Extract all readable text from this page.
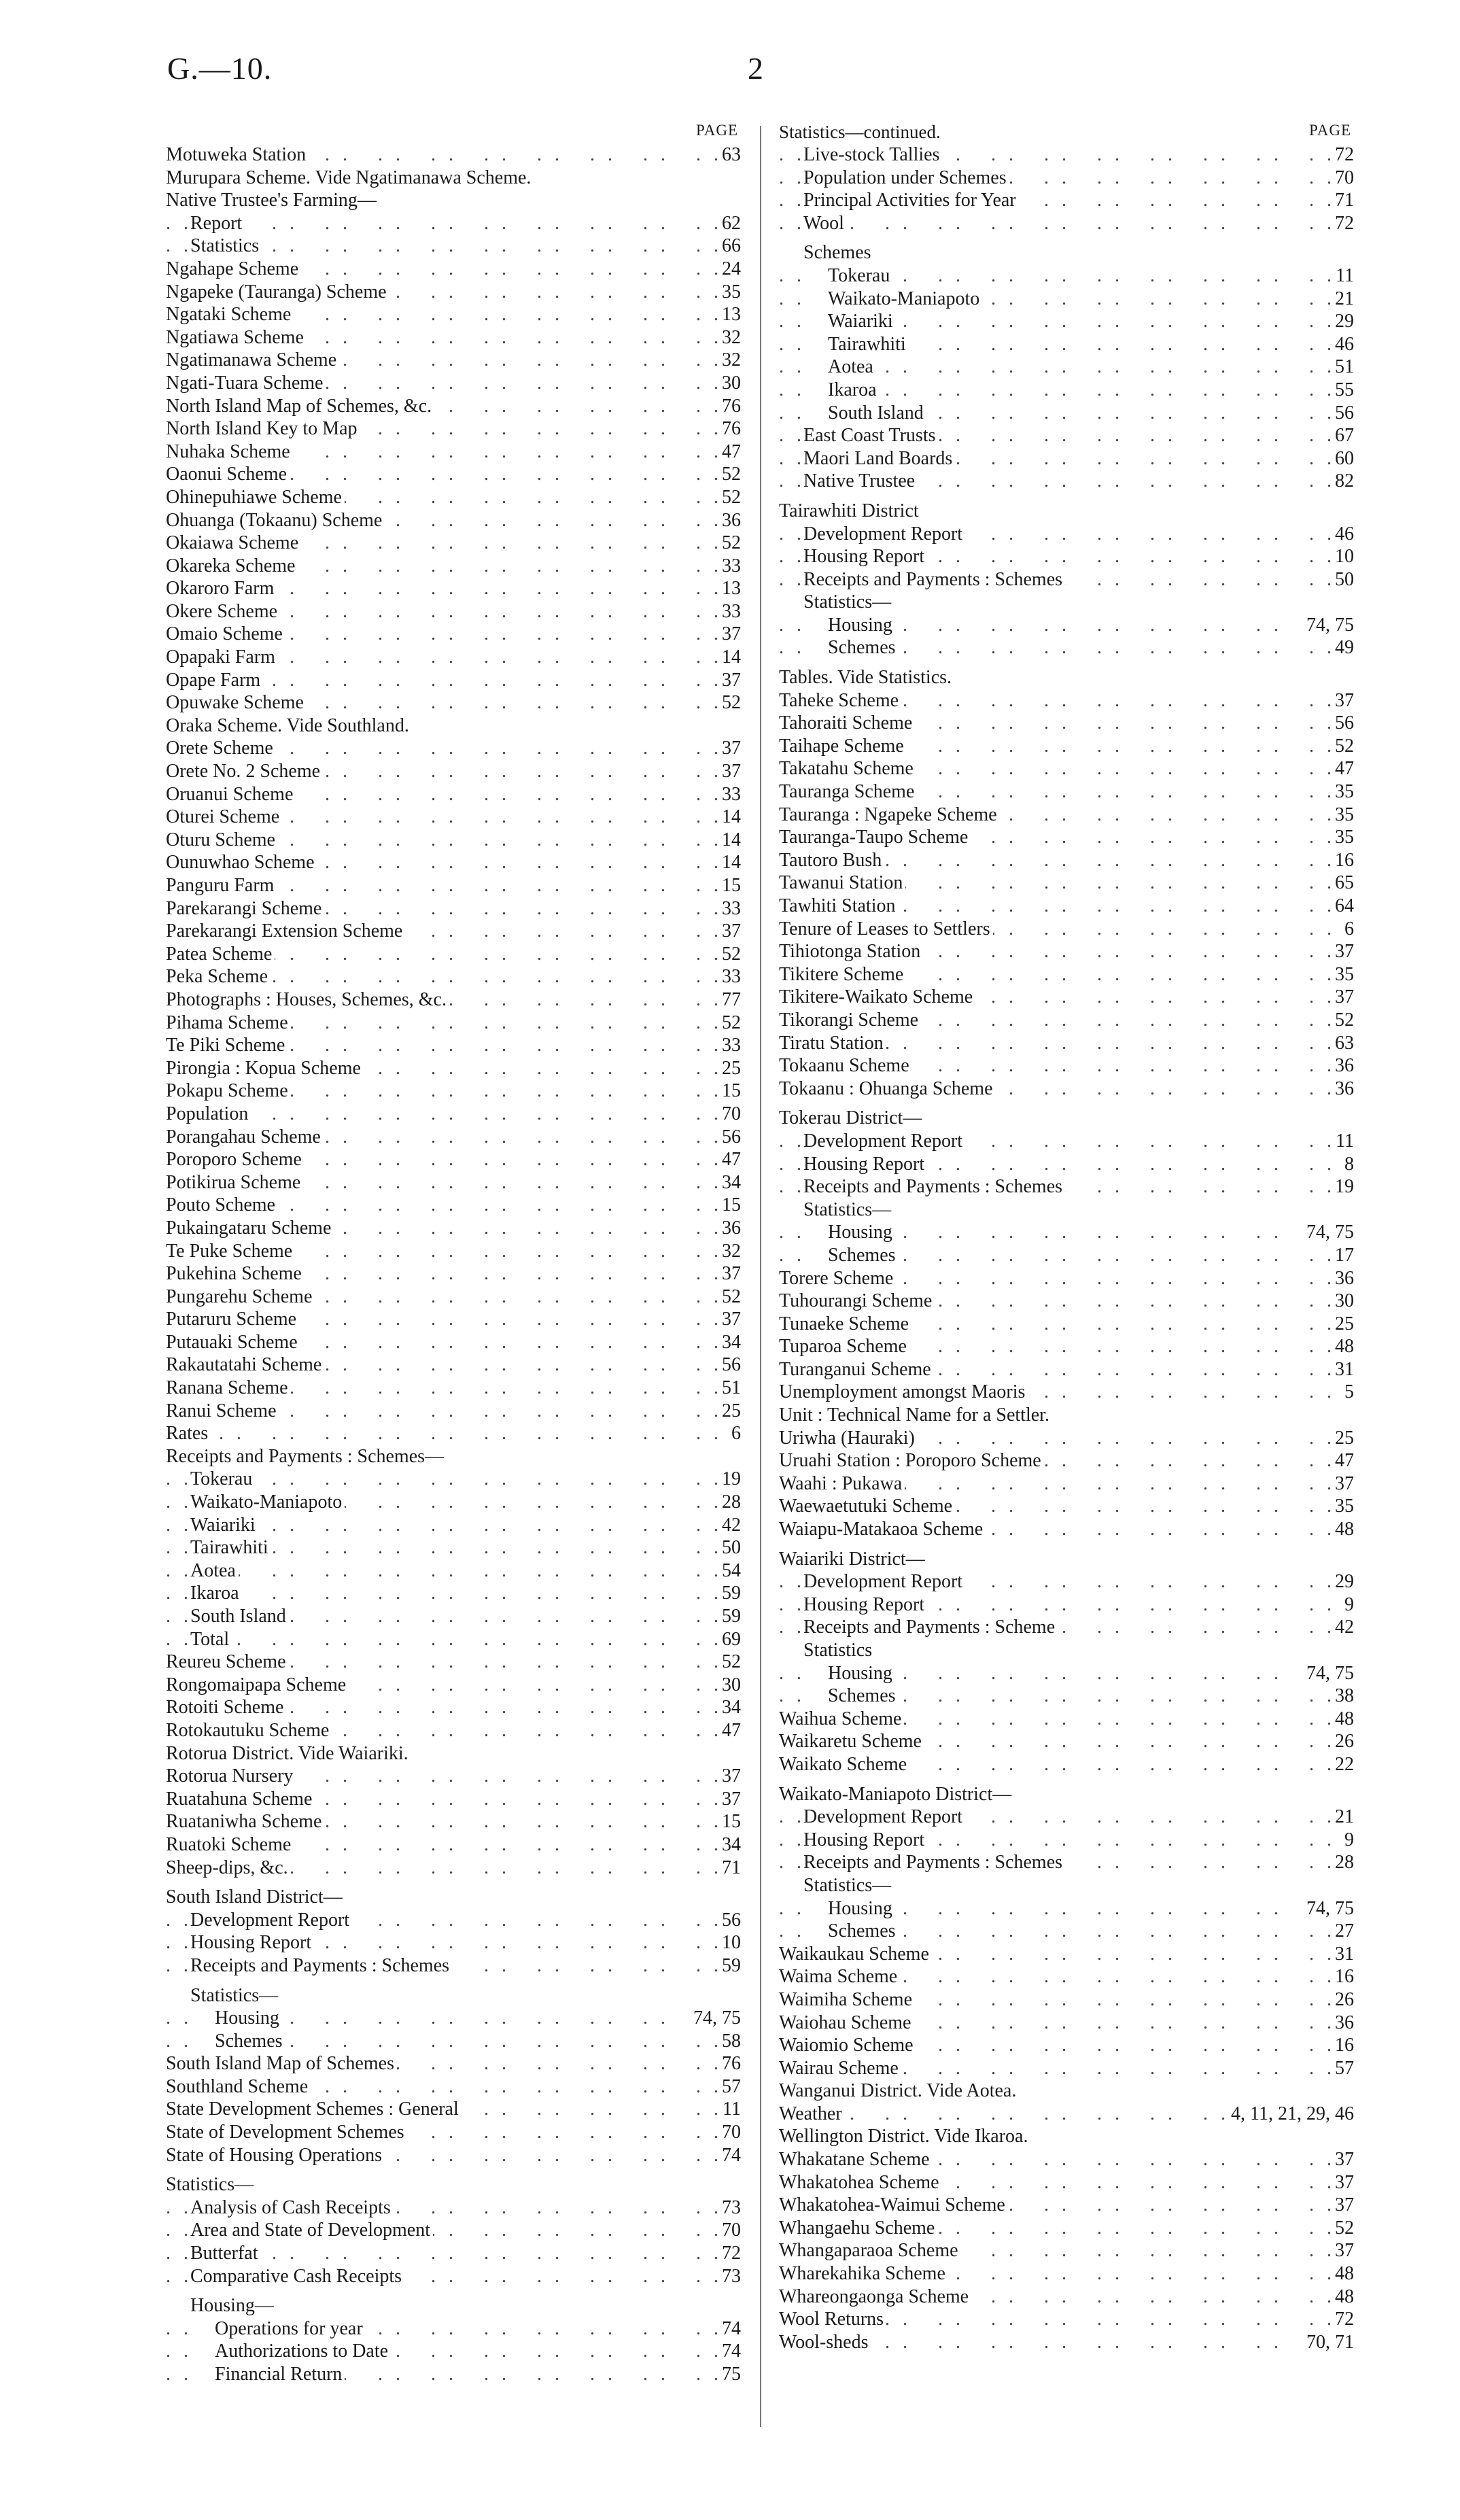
G.—10.	2
PAGE
. . Motuweka Station	63
Murupara Scheme. Vide Ngatimanawa Scheme.
Native Trustee's Farming—
. . Report	62
. . Statistics	66
. . Ngahape Scheme	24
. . Ngapeke (Tauranga) Scheme	35
. . Ngataki Scheme	13
. . Ngatiawa Scheme	32
. . Ngatimanawa Scheme	32
. . Ngati-Tuara Scheme	30
. . North Island Map of Schemes, &c.	76
. . North Island Key to Map	76
. . Nuhaka Scheme	47
. . Oaonui Scheme	52
. . Ohinepuhiawe Scheme	52
. . Ohuanga (Tokaanu) Scheme	36
. . Okaiawa Scheme	52
. . Okareka Scheme	33
. . Okaroro Farm	13
. . Okere Scheme	33
. . Omaio Scheme	37
. . Opapaki Farm	14
. . Opape Farm	37
. . Opuwake Scheme	52
Oraka Scheme. Vide Southland.
. . Orete Scheme	37
. . Orete No. 2 Scheme	37
. . Oruanui Scheme	33
. . Oturei Scheme	14
. . Oturu Scheme	14
. . Ounuwhao Scheme	14
. . Panguru Farm	15
. . Parekarangi Scheme	33
. . Parekarangi Extension Scheme	37
. . Patea Scheme	52
. . Peka Scheme	33
. . Photographs : Houses, Schemes, &c.	77
. . Pihama Scheme	52
. . Te Piki Scheme	33
. . Pirongia : Kopua Scheme	25
. . Pokapu Scheme	15
. . Population	70
. . Porangahau Scheme	56
. . Poroporo Scheme	47
. . Potikirua Scheme	34
. . Pouto Scheme	15
. . Pukaingataru Scheme	36
. . Te Puke Scheme	32
. . Pukehina Scheme	37
. . Pungarehu Scheme	52
. . Putaruru Scheme	37
. . Putauaki Scheme	34
. . Rakautatahi Scheme	56
. . Ranana Scheme	51
. . Ranui Scheme	25
. . Rates	6
Receipts and Payments : Schemes—
. . Tokerau	19
. . Waikato-Maniapoto	28
. . Waiariki	42
. . Tairawhiti	50
. . Aotea	54
. . Ikaroa	59
. . South Island	59
. . Total	69
. . Reureu Scheme	52
. . Rongomaipapa Scheme	30
. . Rotoiti Scheme	34
. . Rotokautuku Scheme	47
Rotorua District. Vide Waiariki.
. . Rotorua Nursery	37
. . Ruatahuna Scheme	37
. . Ruataniwha Scheme	15
. . Ruatoki Scheme	34
. . Sheep-dips, &c.	71
South Island District—
. . Development Report	56
. . Housing Report	10
. . Receipts and Payments : Schemes	59
Statistics—
. . Housing	74, 75
. . Schemes	58
. . South Island Map of Schemes	76
. . Southland Scheme	57
. . State Development Schemes : General	11
. . State of Development Schemes	70
. . State of Housing Operations	74
Statistics—
. . Analysis of Cash Receipts	73
. . Area and State of Development	70
. . Butterfat	72
. . Comparative Cash Receipts	73
Housing—
. . Operations for year	74
. . Authorizations to Date	74
. . Financial Return	75
Statistics—continued.	PAGE
. . Live-stock Tallies	72
. . Population under Schemes	70
. . Principal Activities for Year	71
. . Wool	72
Schemes
. . Tokerau	11
. . Waikato-Maniapoto	21
. . Waiariki	29
. . Tairawhiti	46
. . Aotea	51
. . Ikaroa	55
. . South Island	56
. . East Coast Trusts	67
. . Maori Land Boards	60
. . Native Trustee	82
Tairawhiti District
. . Development Report	46
. . Housing Report	10
. . Receipts and Payments : Schemes	50
Statistics—
. . Housing	74, 75
. . Schemes	49
Tables. Vide Statistics.
. . Taheke Scheme	37
. . Tahoraiti Scheme	56
. . Taihape Scheme	52
. . Takatahu Scheme	47
. . Tauranga Scheme	35
. . Tauranga : Ngapeke Scheme	35
. . Tauranga-Taupo Scheme	35
. . Tautoro Bush	16
. . Tawanui Station	65
. . Tawhiti Station	64
. . Tenure of Leases to Settlers	6
. . Tihiotonga Station	37
. . Tikitere Scheme	35
. . Tikitere-Waikato Scheme	37
. . Tikorangi Scheme	52
. . Tiratu Station	63
. . Tokaanu Scheme	36
. . Tokaanu : Ohuanga Scheme	36
Tokerau District—
. . Development Report	11
. . Housing Report	8
. . Receipts and Payments : Schemes	19
Statistics—
. . Housing	74, 75
. . Schemes	17
. . Torere Scheme	36
. . Tuhourangi Scheme	30
. . Tunaeke Scheme	25
. . Tuparoa Scheme	48
. . Turanganui Scheme	31
. . Unemployment amongst Maoris	5
Unit : Technical Name for a Settler.
. . Uriwha (Hauraki)	25
. . Uruahi Station : Poroporo Scheme	47
. . Waahi : Pukawa	37
. . Waewaetutuki Scheme	35
. . Waiapu-Matakaoa Scheme	48
Waiariki District—
. . Development Report	29
. . Housing Report	9
. . Receipts and Payments : Scheme	42
Statistics
. . Housing	74, 75
. . Schemes	38
. . Waihua Scheme	48
. . Waikaretu Scheme	26
. . Waikato Scheme	22
Waikato-Maniapoto District—
. . Development Report	21
. . Housing Report	9
. . Receipts and Payments : Schemes	28
Statistics—
. . Housing	74, 75
. . Schemes	27
. . Waikaukau Scheme	31
. . Waima Scheme	16
. . Waimiha Scheme	26
. . Waiohau Scheme	36
. . Waiomio Scheme	16
. . Wairau Scheme	57
Wanganui District. Vide Aotea.
. . Weather	4, 11, 21, 29, 46
Wellington District. Vide Ikaroa.
. . Whakatane Scheme	37
. . Whakatohea Scheme	37
. . Whakatohea-Waimui Scheme	37
. . Whangaehu Scheme	52
. . Whangaparaoa Scheme	37
. . Wharekahika Scheme	48
. . Whareongaonga Scheme	48
. . Wool Returns	72
. . Wool-sheds	70, 71
